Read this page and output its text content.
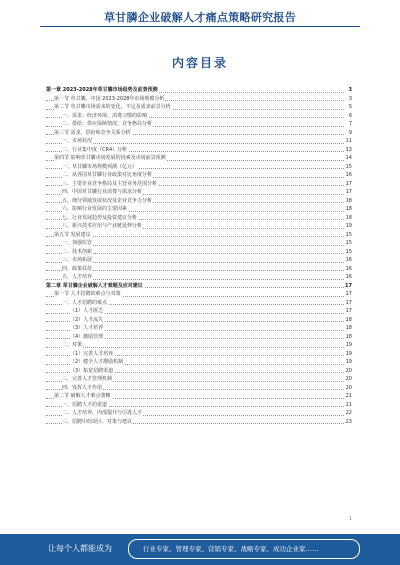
草甘膦企业破解人才痛点策略研究报告
内容目录
第一章 2023-2028年草甘膦市场趋势及前景预测	3
第一节 草甘膦、中国 2023-2028年市场规模分析	3
第二节 草甘膦市场需求的变化、不足及需求前景分析	5
一、需求：经济环境、消费习惯的影响	6
二、供给：供应保障情况、竞争格局分析	7
第三节 需求、供给和竞争关系分析	9
一、市场状况	11
二、行业集中度（CR4）分析	13
第四节 影响草甘膦市场发展的因素及市场前景预测	14
一、草甘膦市场规模预测（亿元）	15
二、从各国草甘膦行业政策对比角度分析	16
三、主要企业竞争格局及主营业务范围分析	17
四、中国草甘膦行业消费与需求分析	17
五、细分领域发展状况及企业竞争力分析	18
六、影响行业发展的主要因素	18
七、行业发展趋势及投资建议分析	18
八、新兴技术应用与产业链延伸分析	19
第五节 发展建议	15
一、加强监管	15
二、技术创新	15
三、市场拓展	16
四、政策扶持	16
五、人才培养	16
第二章 草甘膦企业破解人才难题及应对建议	17
第一节 人才招聘的难点与对策	17
一、人才招聘的难点	17
（1）人才匮乏	17
（2）人才流失	18
（3）人才培养	18
（4）激励管理	18
二、对策	19
（1）完善人才培养	19
（2）健全人才激励机制	19
（3）拓宽招聘渠道	20
三、完善人才管理机制	20
四、发挥人才作用	20
第二节 破解人才难点策略	21
一、招聘人才的渠道	21
二、人才培养、内部提升与引进人才	22
三、招聘中的误区、对策与建议	23
1
让每个人都能成为	行业专家、管理专家、营销专家、战略专家、成功企业家……
